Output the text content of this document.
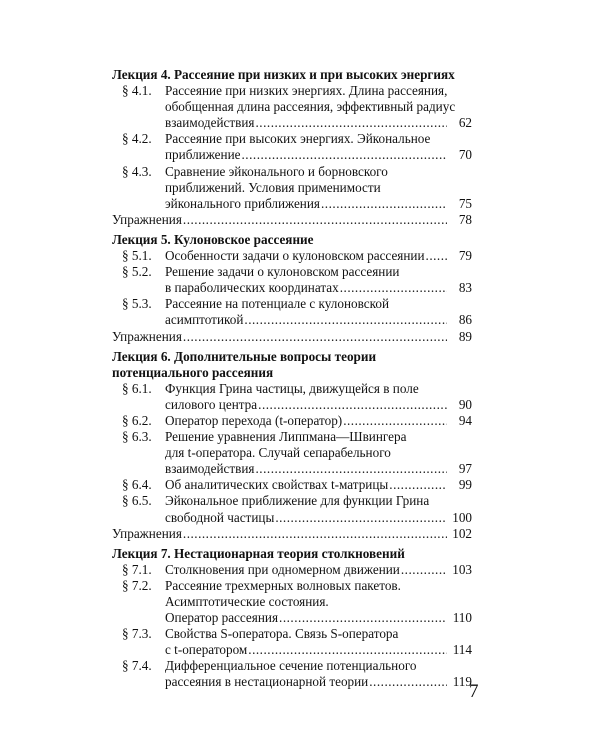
Лекция 4. Рассеяние при низких и при высоких энергиях
§ 4.1. Рассеяние при низких энергиях. Длина рассеяния,
обобщенная длина рассеяния, эффективный радиус
взаимодействия .....	62
§ 4.2. Рассеяние при высоких энергиях. Эйкональное
приближение .....	70
§ 4.3. Сравнение эйконального и борновского
приближений. Условия применимости
эйконального приближения .....	75
Упражнения .....	78
Лекция 5. Кулоновское рассеяние
§ 5.1. Особенности задачи о кулоновском рассеянии .....	79
§ 5.2. Решение задачи о кулоновском рассеянии
в параболических координатах .....	83
§ 5.3. Рассеяние на потенциале с кулоновской
асимптотикой .....	86
Упражнения .....	89
Лекция 6. Дополнительные вопросы теории
потенциального рассеяния
§ 6.1. Функция Грина частицы, движущейся в поле
силового центра .....	90
§ 6.2. Оператор перехода (t-оператор) .....	94
§ 6.3. Решение уравнения Липпмана—Швингера
для t-оператора. Случай сепарабельного
взаимодействия .....	97
§ 6.4. Об аналитических свойствах t-матрицы .....	99
§ 6.5. Эйкональное приближение для функции Грина
свободной частицы .....	100
Упражнения .....	102
Лекция 7. Нестационарная теория столкновений
§ 7.1. Столкновения при одномерном движении .....	103
§ 7.2. Рассеяние трехмерных волновых пакетов.
Асимптотические состояния.
Оператор рассеяния .....	110
§ 7.3. Свойства S-оператора. Связь S-оператора
с t-оператором .....	114
§ 7.4. Дифференциальное сечение потенциального
рассеяния в нестационарной теории .....	119
7
